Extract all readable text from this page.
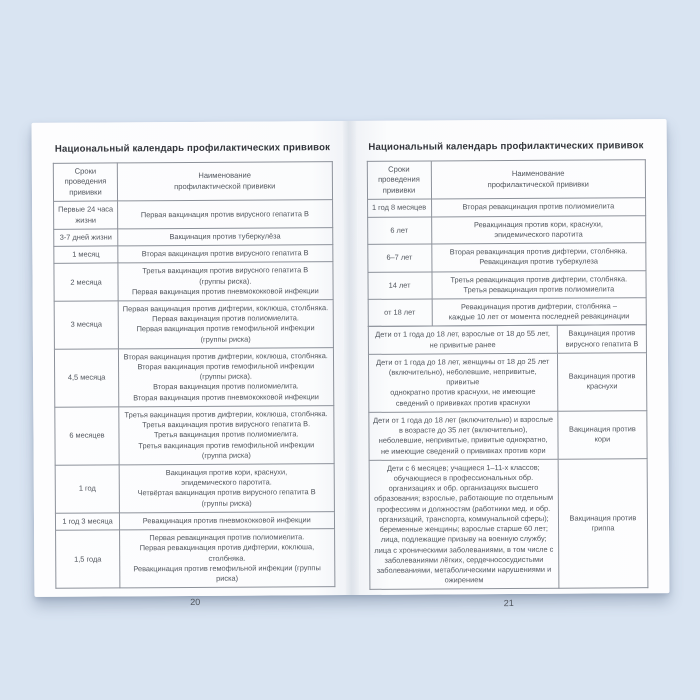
Национальный календарь профилактических прививок
Сроки
проведения
прививки	Наименование
профилактической прививки
Первые 24 часа
жизни	Первая вакцинация против вирусного гепатита B
3-7 дней жизни	Вакцинация против туберкулёза
1 месяц	Вторая вакцинация против вирусного гепатита B
2 месяца	Третья вакцинация против вирусного гепатита B
(группы риска).
Первая вакцинация против пневмококковой инфекции
3 месяца	Первая вакцинация против дифтерии, коклюша, столбняка.
Первая вакцинация против полиомиелита.
Первая вакцинация против гемофильной инфекции
(группы риска)
4,5 месяца	Вторая вакцинация против дифтерии, коклюша, столбняка.
Вторая вакцинация против гемофильной инфекции
(группы риска).
Вторая вакцинация против полиомиелита.
Вторая вакцинация против пневмококковой инфекции
6 месяцев	Третья вакцинация против дифтерии, коклюша, столбняка.
Третья вакцинация против вирусного гепатита B.
Третья вакцинация против полиомиелита.
Третья вакцинация против гемофильной инфекции
(группа риска)
1 год	Вакцинация против кори, краснухи,
эпидемического паротита.
Четвёртая вакцинация против вирусного гепатита B
(группы риска)
1 год 3 месяца	Ревакцинация против пневмококковой инфекции
1,5 года	Первая ревакцинация против полиомиелита.
Первая ревакцинация против дифтерии, коклюша, столбняка.
Ревакцинация против гемофильной инфекции (группы риска)
20
Национальный календарь профилактических прививок
Сроки
проведения
прививки	Наименование
профилактической прививки
1 год 8 месяцев	Вторая ревакцинация против полиомиелита
6 лет	Ревакцинация против кори, краснухи,
эпидемического паротита
6–7 лет	Вторая ревакцинация против дифтерии, столбняка.
Ревакцинация против туберкулеза
14 лет	Третья ревакцинация против дифтерии, столбняка.
Третья ревакцинация против полиомиелита
от 18 лет	Ревакцинация против дифтерии, столбняка –
каждые 10 лет от момента последней ревакцинации
Дети от 1 года до 18 лет, взрослые от 18 до 55 лет,
не привитые ранее	Вакцинация против
вирусного гепатита B
Дети от 1 года до 18 лет, женщины от 18 до 25 лет
(включительно), неболевшие, непривитые, привитые
однократно против краснухи, не имеющие
сведений о прививках против краснухи	Вакцинация против
краснухи
Дети от 1 года до 18 лет (включительно) и взрослые
в возрасте до 35 лет (включительно),
неболевшие, непривитые, привитые однократно,
не имеющие сведений о прививках против кори	Вакцинация против
кори
Дети с 6 месяцев; учащиеся 1–11-х классов; обучающиеся в профессиональных обр. организациях и обр. организациях высшего образования; взрослые, работающие по отдельным профессиям и должностям (работники мед. и обр. организаций, транспорта, коммунальной сферы); беременные женщины; взрослые старше 60 лет; лица, подлежащие призыву на военную службу; лица с хроническими заболеваниями, в том числе с заболеваниями лёгких, сердечнососудистыми заболеваниями, метаболическими нарушениями и ожирением	Вакцинация против
гриппа
21
